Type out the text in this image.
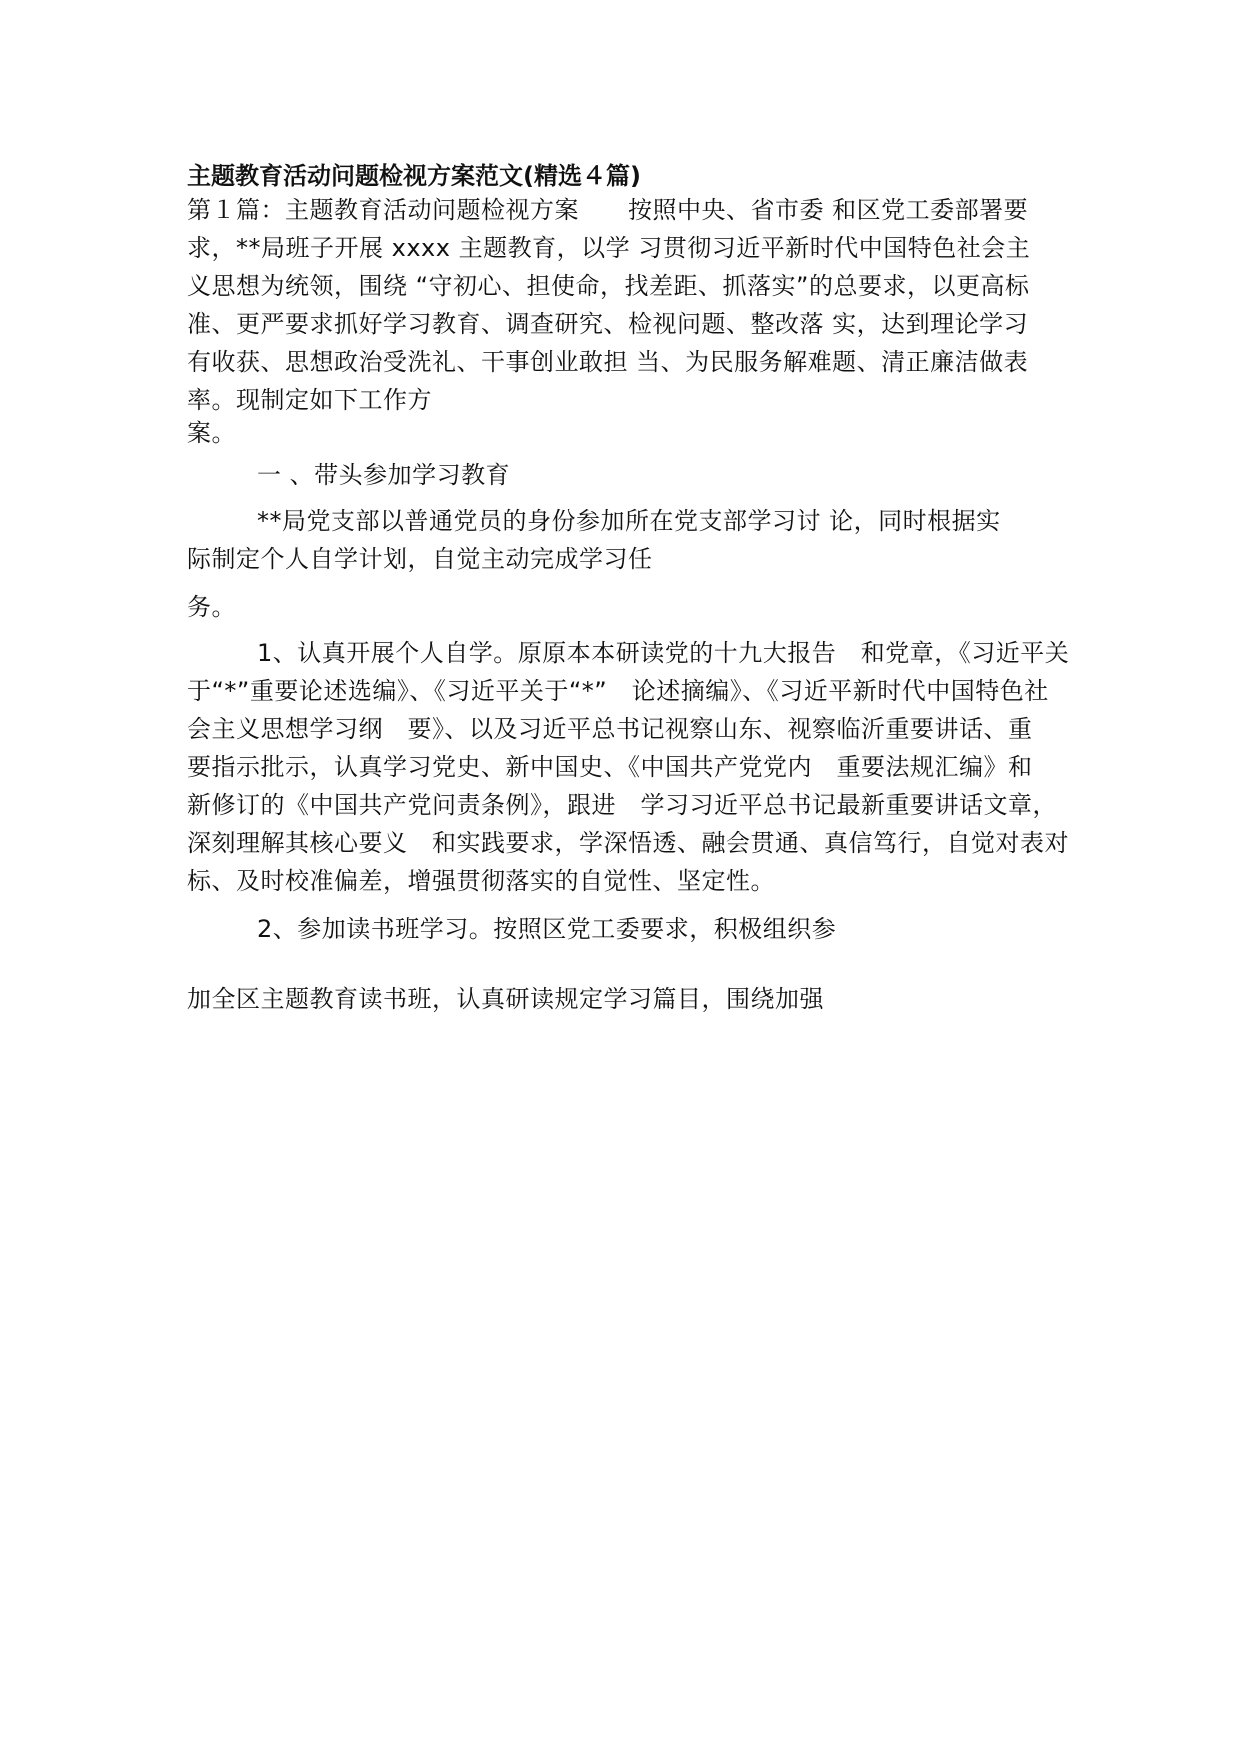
主题教育活动问题检视方案范文(精选４篇)
第１篇：主题教育活动问题检视方案　　按照中央、省市委 和区党工委部署要
求，**局班子开展 xxxx 主题教育，以学 习贯彻习近平新时代中国特色社会主
义思想为统领，围绕 “守初心、担使命，找差距、抓落实”的总要求，以更高标
准、更严要求抓好学习教育、调查研究、检视问题、整改落 实，达到理论学习
有收获、思想政治受洗礼、干事创业敢担 当、为民服务解难题、清正廉洁做表
率。现制定如下工作方
案。
一 、带头参加学习教育
**局党支部以普通党员的身份参加所在党支部学习讨 论，同时根据实
际制定个人自学计划，自觉主动完成学习任
务。
1、认真开展个人自学。原原本本研读党的十九大报告　和党章，《习近平关
于“*”重要论述选编》、《习近平关于“*”　论述摘编》、《习近平新时代中国特色社
会主义思想学习纲　要》、以及习近平总书记视察山东、视察临沂重要讲话、重
要指示批示，认真学习党史、新中国史、《中国共产党党内　重要法规汇编》和
新修订的《中国共产党问责条例》，跟进　学习习近平总书记最新重要讲话文章，
深刻理解其核心要义　和实践要求，学深悟透、融会贯通、真信笃行，自觉对表对
标、及时校准偏差，增强贯彻落实的自觉性、坚定性。
2、参加读书班学习。按照区党工委要求，积极组织参
加全区主题教育读书班，认真研读规定学习篇目，围绕加强
